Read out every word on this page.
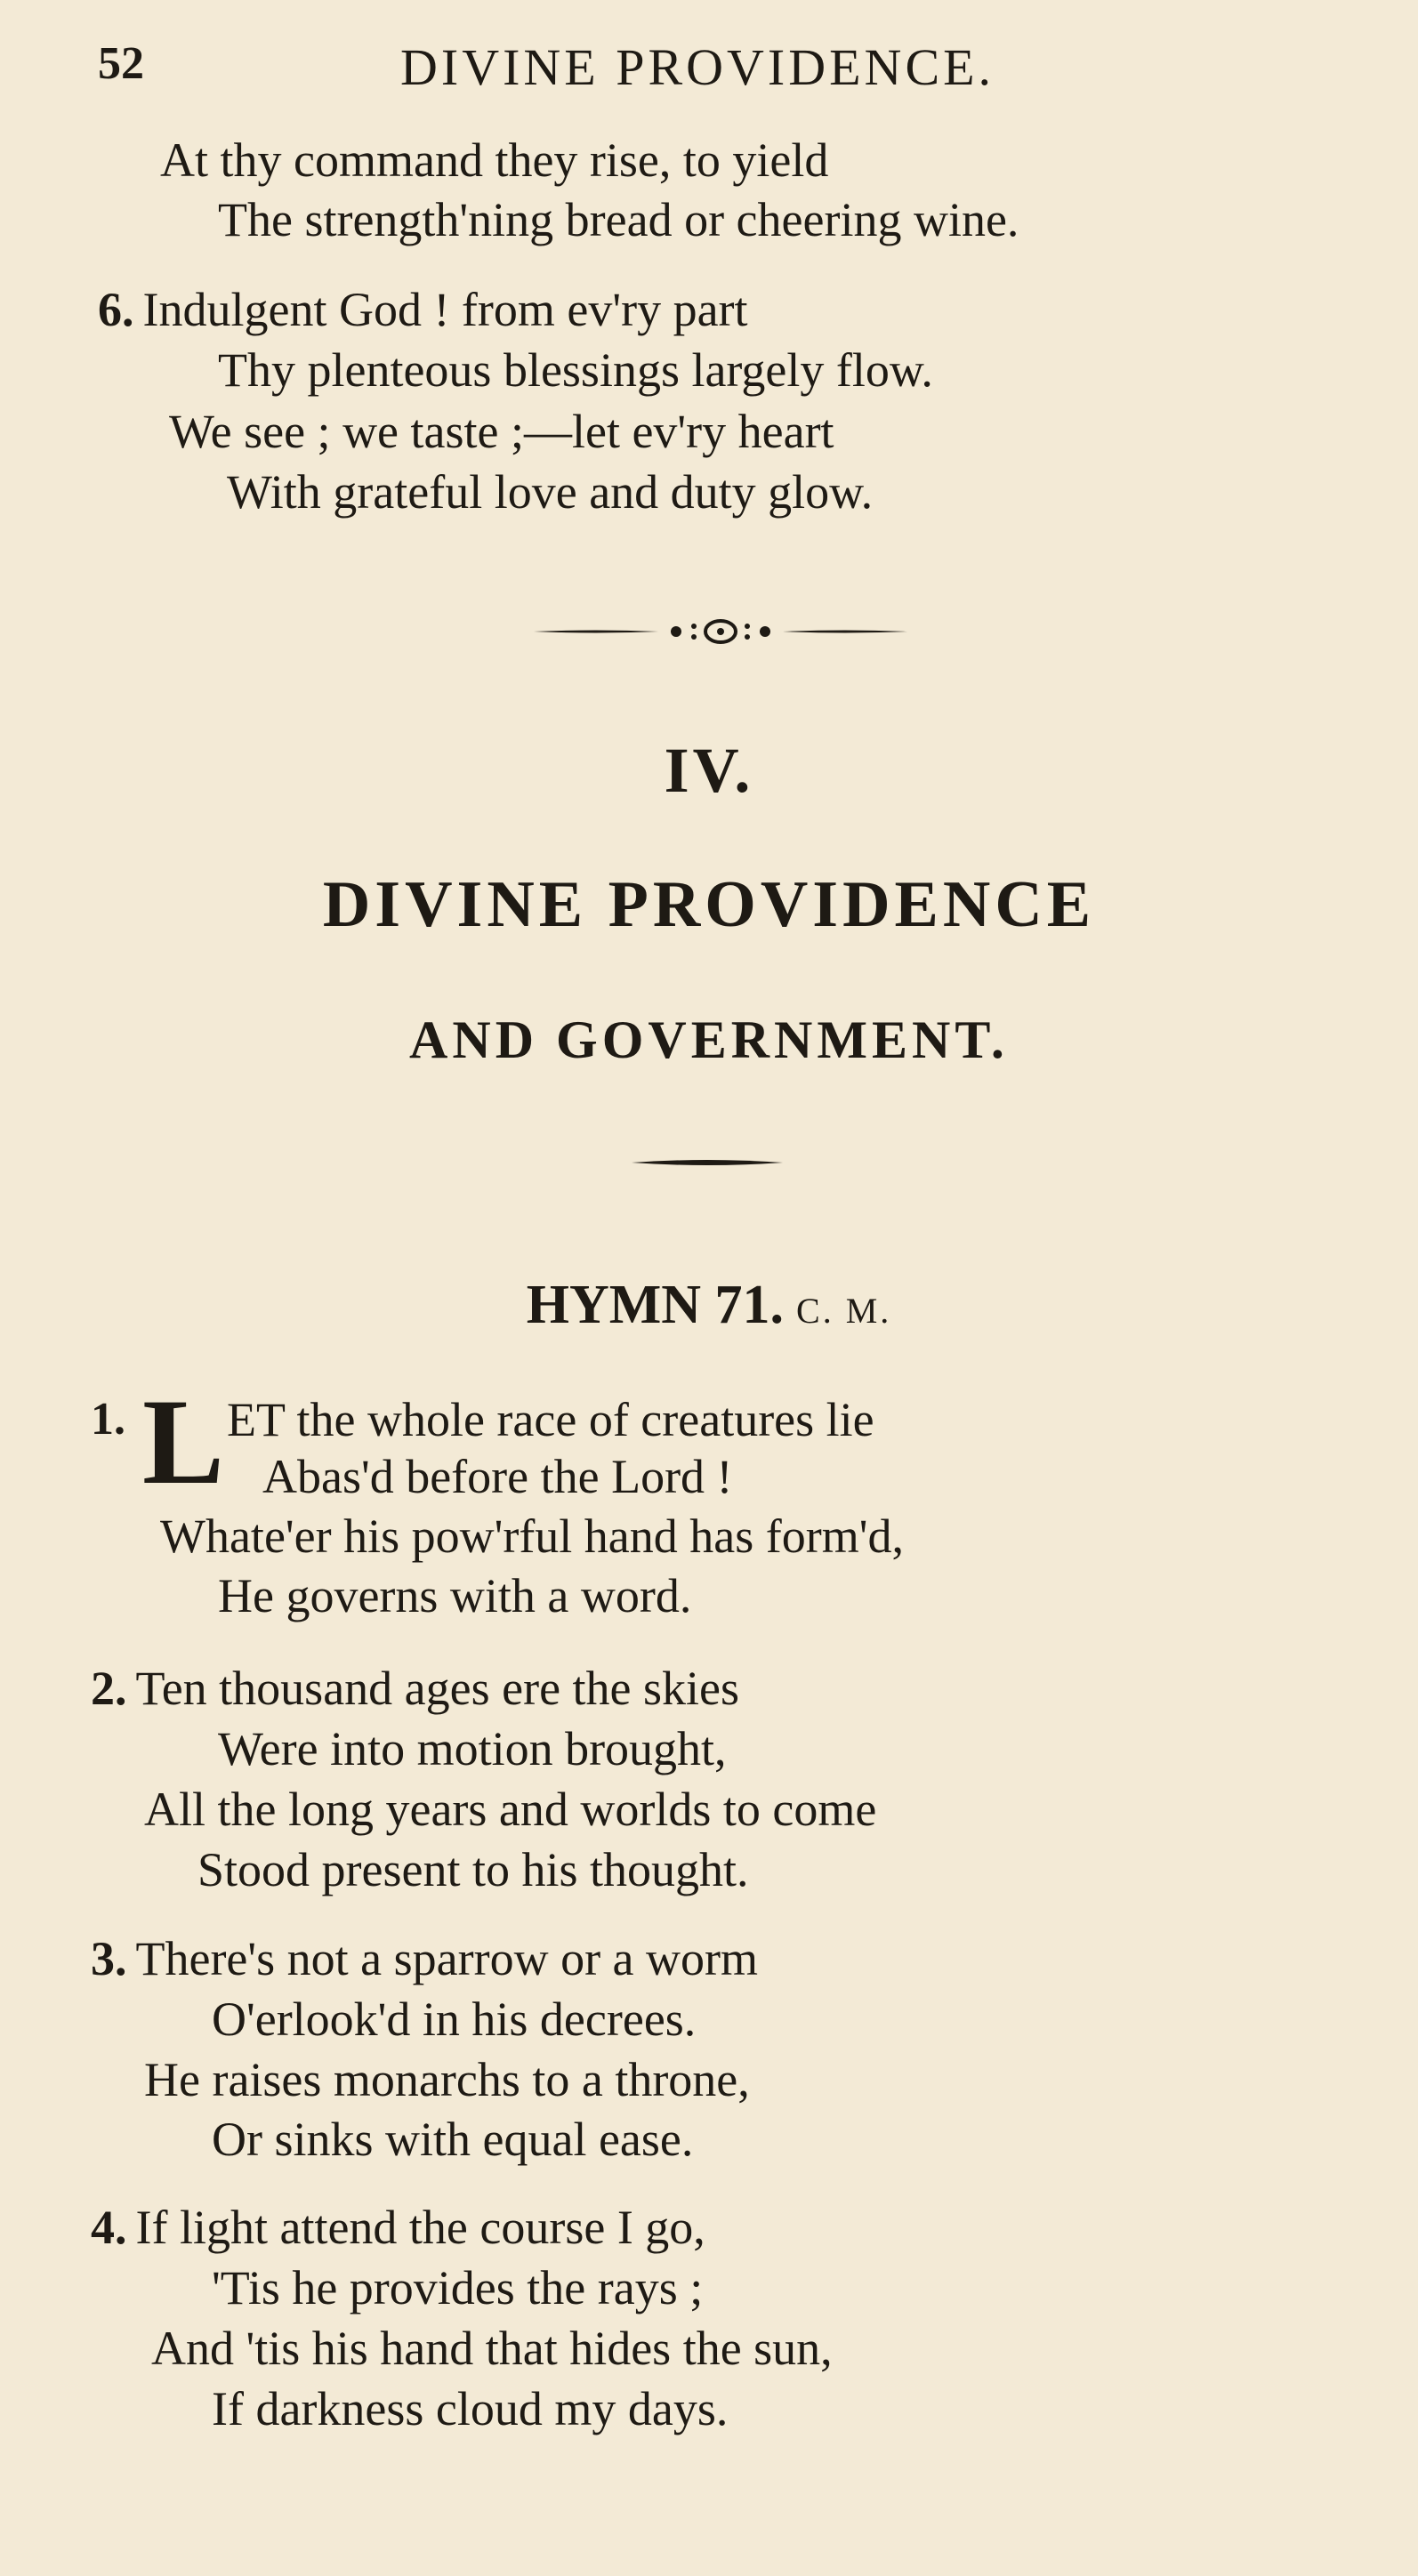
52	DIVINE PROVIDENCE.
At thy command they rise, to yield
The strength'ning bread or cheering wine.
6. Indulgent God ! from ev'ry part
Thy plenteous blessings largely flow.
We see ; we taste ;—let ev'ry heart
With grateful love and duty glow.
IV.
DIVINE PROVIDENCE
AND GOVERNMENT.
HYMN 71. C. M.
1. L ET the whole race of creatures lie
Abas'd before the Lord !
Whate'er his pow'rful hand has form'd,
He governs with a word.
2. Ten thousand ages ere the skies
Were into motion brought,
All the long years and worlds to come
Stood present to his thought.
3. There's not a sparrow or a worm
O'erlook'd in his decrees.
He raises monarchs to a throne,
Or sinks with equal ease.
4. If light attend the course I go,
'Tis he provides the rays ;
And 'tis his hand that hides the sun,
If darkness cloud my days.
